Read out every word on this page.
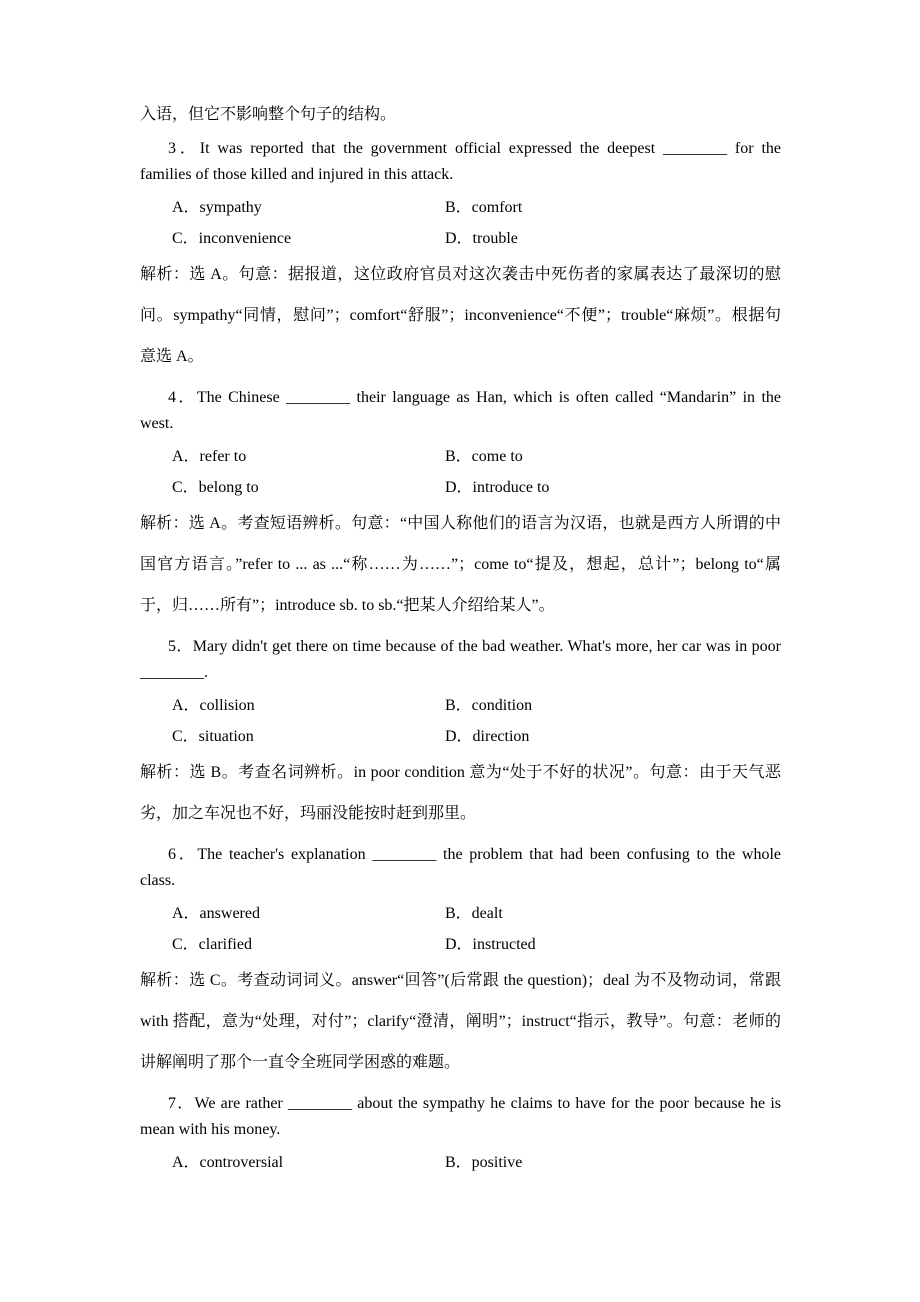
入语，但它不影响整个句子的结构。

3．It was reported that the government official expressed the deepest ________ for the families of those killed and injured in this attack.

A．sympathy	B．comfort
C．inconvenience	D．trouble

解析：选 A。句意：据报道，这位政府官员对这次袭击中死伤者的家属表达了最深切的慰问。sympathy“同情，慰问”；comfort“舒服”；inconvenience“不便”；trouble“麻烦”。根据句意选 A。

4．The Chinese ________ their language as Han, which is often called “Mandarin” in the west.

A．refer to	B．come to
C．belong to	D．introduce to

解析：选 A。考查短语辨析。句意：“中国人称他们的语言为汉语，也就是西方人所谓的中国官方语言。”refer to ... as ...“称……为……”；come to“提及，想起，总计”；belong to“属于，归……所有”；introduce sb. to sb.“把某人介绍给某人”。

5．Mary didn't get there on time because of the bad weather. What's more, her car was in poor ________.

A．collision	B．condition
C．situation	D．direction

解析：选 B。考查名词辨析。in poor condition 意为“处于不好的状况”。句意：由于天气恶劣，加之车况也不好，玛丽没能按时赶到那里。

6．The teacher's explanation ________ the problem that had been confusing to the whole class.

A．answered	B．dealt
C．clarified	D．instructed

解析：选 C。考查动词词义。answer“回答”(后常跟 the question)；deal 为不及物动词，常跟 with 搭配，意为“处理，对付”；clarify“澄清，阐明”；instruct“指示，教导”。句意：老师的讲解阐明了那个一直令全班同学困惑的难题。

7．We are rather ________ about the sympathy he claims to have for the poor because he is mean with his money.

A．controversial	B．positive
